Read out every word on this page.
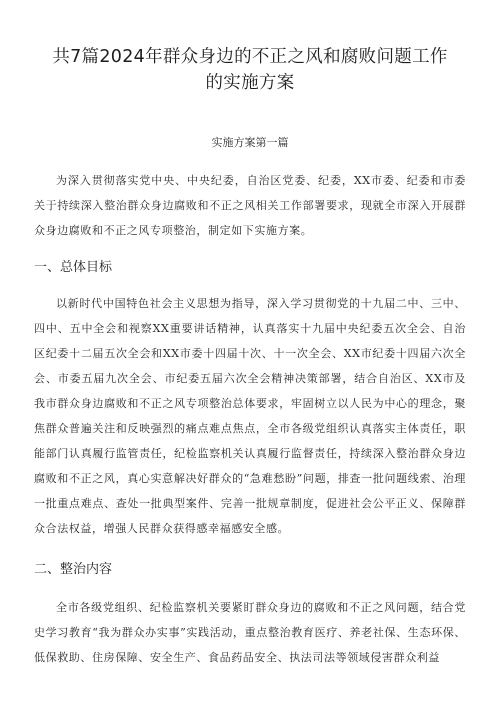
共7篇2024年群众身边的不正之风和腐败问题工作
的实施方案

实施方案第一篇

为深入贯彻落实党中央、中央纪委，自治区党委、纪委，XX市委、纪委和市委关于持续深入整治群众身边腐败和不正之风相关工作部署要求，现就全市深入开展群众身边腐败和不正之风专项整治，制定如下实施方案。

一、总体目标

以新时代中国特色社会主义思想为指导，深入学习贯彻党的十九届二中、三中、四中、五中全会和视察XX重要讲话精神，认真落实十九届中央纪委五次全会、自治区纪委十二届五次全会和XX市委十四届十次、十一次全会、XX市纪委十四届六次全会、市委五届九次全会、市纪委五届六次全会精神决策部署，结合自治区、XX市及我市群众身边腐败和不正之风专项整治总体要求，牢固树立以人民为中心的理念，聚焦群众普遍关注和反映强烈的痛点难点焦点，全市各级党组织认真落实主体责任，职能部门认真履行监管责任，纪检监察机关认真履行监督责任，持续深入整治群众身边腐败和不正之风，真心实意解决好群众的“急难愁盼”问题，排查一批问题线索、治理一批重点难点、查处一批典型案件、完善一批规章制度，促进社会公平正义、保障群众合法权益，增强人民群众获得感幸福感安全感。

二、整治内容

全市各级党组织、纪检监察机关要紧盯群众身边的腐败和不正之风问题，结合党史学习教育“我为群众办实事”实践活动，重点整治教育医疗、养老社保、生态环保、低保救助、住房保障、安全生产、食品药品安全、执法司法等领域侵害群众利益
